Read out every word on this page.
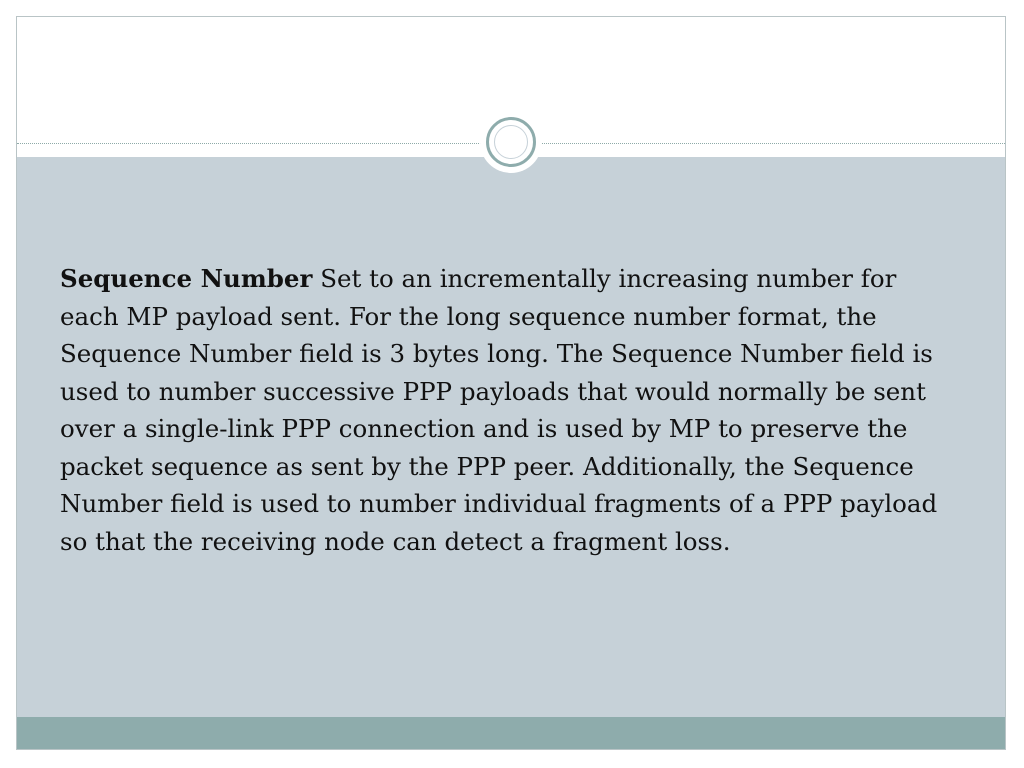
Sequence Number Set to an incrementally increasing number for each MP payload sent. For the long sequence number format, the Sequence Number field is 3 bytes long. The Sequence Number field is used to number successive PPP payloads that would normally be sent over a single-link PPP connection and is used by MP to preserve the packet sequence as sent by the PPP peer. Additionally, the Sequence Number field is used to number individual fragments of a PPP payload so that the receiving node can detect a fragment loss.
